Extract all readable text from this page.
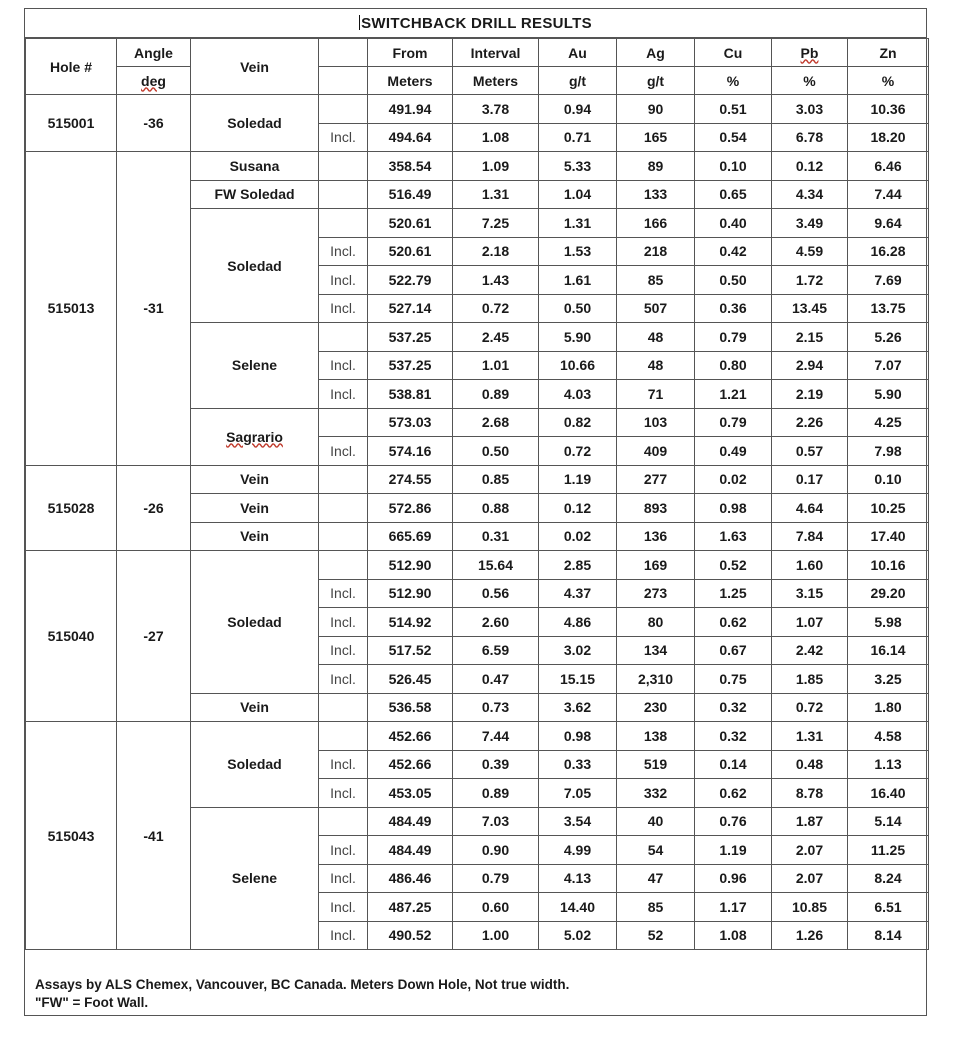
SWITCHBACK DRILL RESULTS
Hole #	Angle	Vein		From	Interval	Au	Ag	Cu	Pb	Zn
	deg			Meters	Meters	g/t	g/t	%	%	%
515001	-36	Soledad		491.94	3.78	0.94	90	0.51	3.03	10.36
			Incl.	494.64	1.08	0.71	165	0.54	6.78	18.20
515013	-31	Susana		358.54	1.09	5.33	89	0.10	0.12	6.46
		FW Soledad		516.49	1.31	1.04	133	0.65	4.34	7.44
		Soledad		520.61	7.25	1.31	166	0.40	3.49	9.64
			Incl.	520.61	2.18	1.53	218	0.42	4.59	16.28
			Incl.	522.79	1.43	1.61	85	0.50	1.72	7.69
			Incl.	527.14	0.72	0.50	507	0.36	13.45	13.75
		Selene		537.25	2.45	5.90	48	0.79	2.15	5.26
			Incl.	537.25	1.01	10.66	48	0.80	2.94	7.07
			Incl.	538.81	0.89	4.03	71	1.21	2.19	5.90
		Sagrario		573.03	2.68	0.82	103	0.79	2.26	4.25
			Incl.	574.16	0.50	0.72	409	0.49	0.57	7.98
515028	-26	Vein		274.55	0.85	1.19	277	0.02	0.17	0.10
		Vein		572.86	0.88	0.12	893	0.98	4.64	10.25
		Vein		665.69	0.31	0.02	136	1.63	7.84	17.40
515040	-27	Soledad		512.90	15.64	2.85	169	0.52	1.60	10.16
			Incl.	512.90	0.56	4.37	273	1.25	3.15	29.20
			Incl.	514.92	2.60	4.86	80	0.62	1.07	5.98
			Incl.	517.52	6.59	3.02	134	0.67	2.42	16.14
			Incl.	526.45	0.47	15.15	2,310	0.75	1.85	3.25
		Vein		536.58	0.73	3.62	230	0.32	0.72	1.80
515043	-41	Soledad		452.66	7.44	0.98	138	0.32	1.31	4.58
			Incl.	452.66	0.39	0.33	519	0.14	0.48	1.13
			Incl.	453.05	0.89	7.05	332	0.62	8.78	16.40
		Selene		484.49	7.03	3.54	40	0.76	1.87	5.14
			Incl.	484.49	0.90	4.99	54	1.19	2.07	11.25
			Incl.	486.46	0.79	4.13	47	0.96	2.07	8.24
			Incl.	487.25	0.60	14.40	85	1.17	10.85	6.51
			Incl.	490.52	1.00	5.02	52	1.08	1.26	8.14
Assays by ALS Chemex, Vancouver, BC Canada. Meters Down Hole, Not true width.
"FW" = Foot Wall.
